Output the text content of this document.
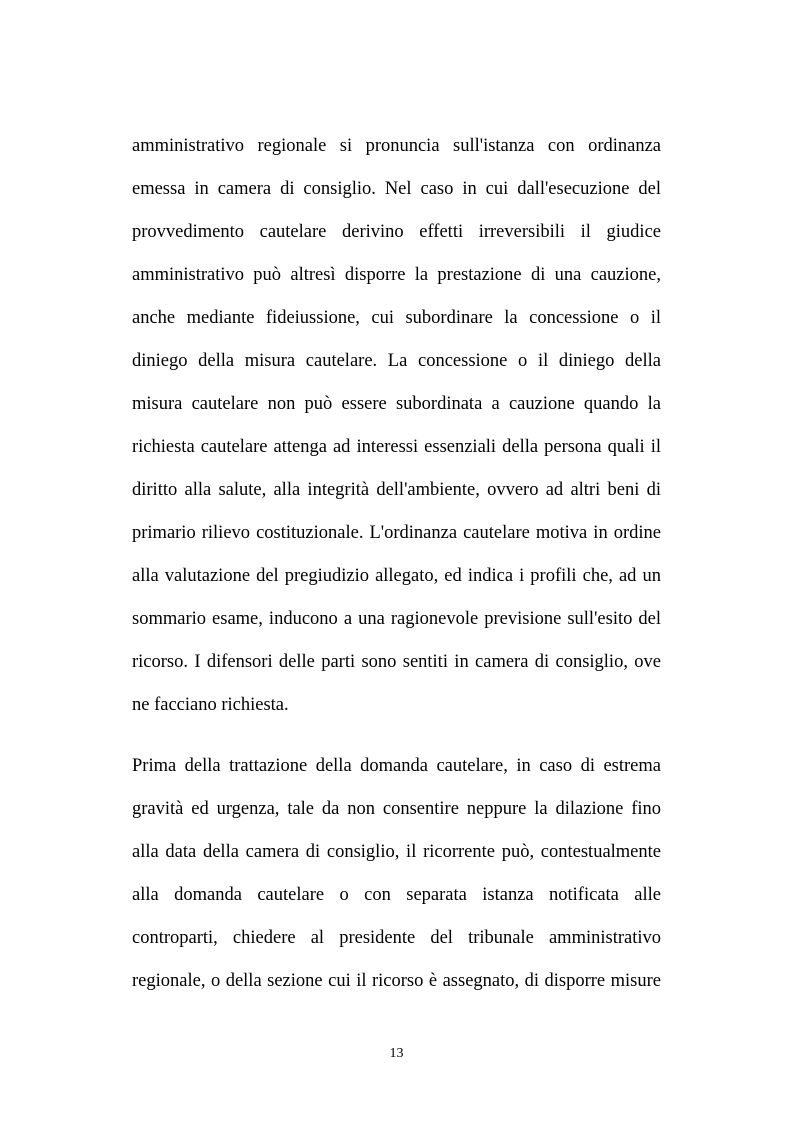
amministrativo regionale si pronuncia sull'istanza con ordinanza
emessa in camera di consiglio. Nel caso in cui dall'esecuzione del
provvedimento cautelare derivino effetti irreversibili il giudice
amministrativo può altresì disporre la prestazione di una cauzione,
anche mediante fideiussione, cui subordinare la concessione o il
diniego della misura cautelare. La concessione o il diniego della
misura cautelare non può essere subordinata a cauzione quando la
richiesta cautelare attenga ad interessi essenziali della persona quali il
diritto alla salute, alla integrità dell'ambiente, ovvero ad altri beni di
primario rilievo costituzionale. L'ordinanza cautelare motiva in ordine
alla valutazione del pregiudizio allegato, ed indica i profili che, ad un
sommario esame, inducono a una ragionevole previsione sull'esito del
ricorso. I difensori delle parti sono sentiti in camera di consiglio, ove
ne facciano richiesta.

Prima della trattazione della domanda cautelare, in caso di estrema
gravità ed urgenza, tale da non consentire neppure la dilazione fino
alla data della camera di consiglio, il ricorrente può, contestualmente
alla domanda cautelare o con separata istanza notificata alle
controparti, chiedere al presidente del tribunale amministrativo
regionale, o della sezione cui il ricorso è assegnato, di disporre misure

13
